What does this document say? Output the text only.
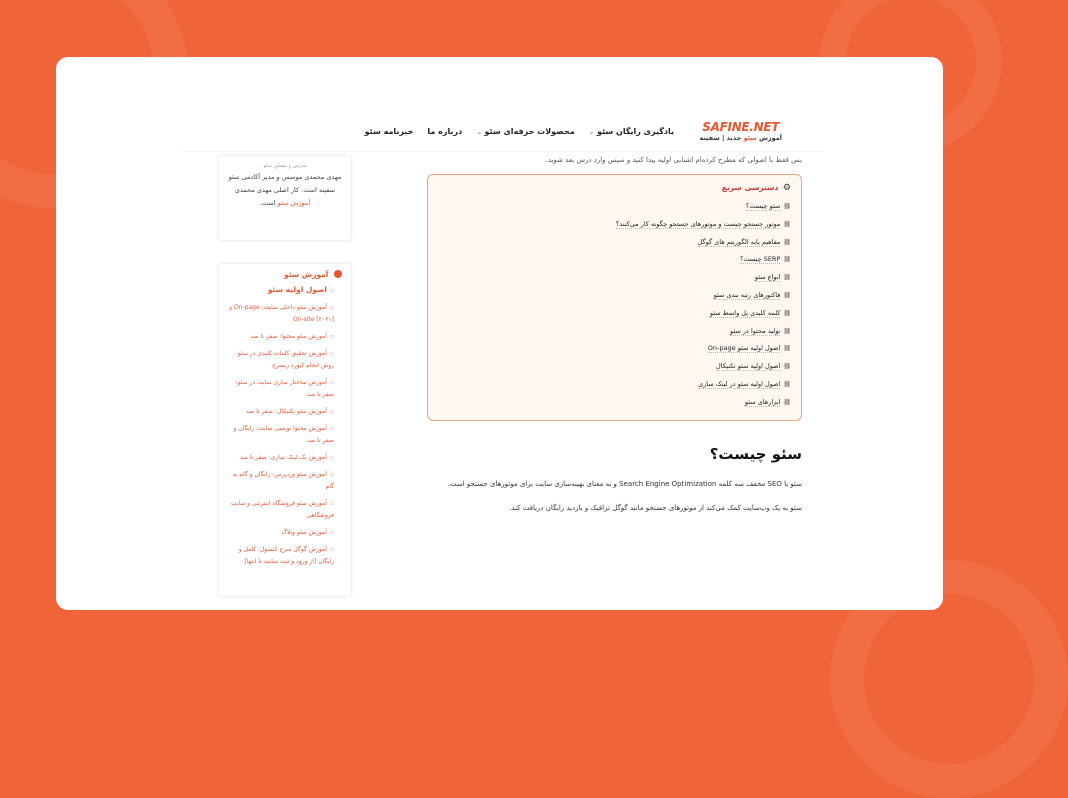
SAFINE.NET
آموزش سئو جدید | سفینه
یادگیری رایگان سئو ⌄
محصولات حرفه‌ای سئو ⌄
درباره ما
خبرنامه سئو

بس فقط با اصولی که مطرح کرده‌ام اشنایی اولیه پیدا کنید و سپس وارد درس بعد شوید.

⚙ دسترسی سریع
⛓سئو چیست؟
⛓موتور جستجو چیست و موتورهای جستجو چگونه کار می‌کنند؟
⛓مفاهیم پایه الگوریتم های گوگل
⛓SERP چیست؟
⛓انواع سئو
⛓فاکتورهای رتبه بندی سئو
⛓کلمه کلیدی پل واسط سئو
⛓تولید محتوا در سئو
⛓اصول اولیه سئو On-page
⛓اصول اولیه سئو تکنیکال
⛓اصول اولیه سئو در لینک سازی
⛓ابزارهای سئو
سئو چیست؟

سئو یا SEO مخفف سه کلمه Search Engine Optimization و به معنای بهینه‌سازی سایت برای موتورهای جستجو است.

سئو به یک وب‌سایت کمک می‌کند از موتورهای جستجو مانند گوگل ترافیک و بازدید رایگان دریافت کند.

مدرس و مشاور سئو
مهدی محمدی موسس و مدیر آکادمی سئو سفینه است. کار اصلی مهدی محمدی آموزش سئو است.
آموزش سئو
▫ اصول اولیه سئو
▫ آموزش سئو داخلی سایت: On-page و On-site [۲۰۲۱]
▫ آموزش سئو محتوا: صفر تا صد
▫ آموزش تحقیق کلمات کلیدی در سئو: روش انجام کیورد ریسرچ
▫ آموزش ساختار سازی سایت در سئو: صفر تا صد
▫ آموزش سئو تکنیکال: صفر تا صد
▫ آموزش محتوا نویسی سایت: رایگان و صفر تا صد
▫ آموزش بک لینک سازی: صفر تا صد
▫ آموزش سئو وردپرس: رایگان و گام به گام
▫ آموزش سئو فروشگاه اینترنتی و سایت فروشگاهی
▫ آموزش سئو وبلاگ
▫ آموزش گوگل سرچ کنسول: کامل و رایگان [از ورود و ثبت سایت تا انتها]
